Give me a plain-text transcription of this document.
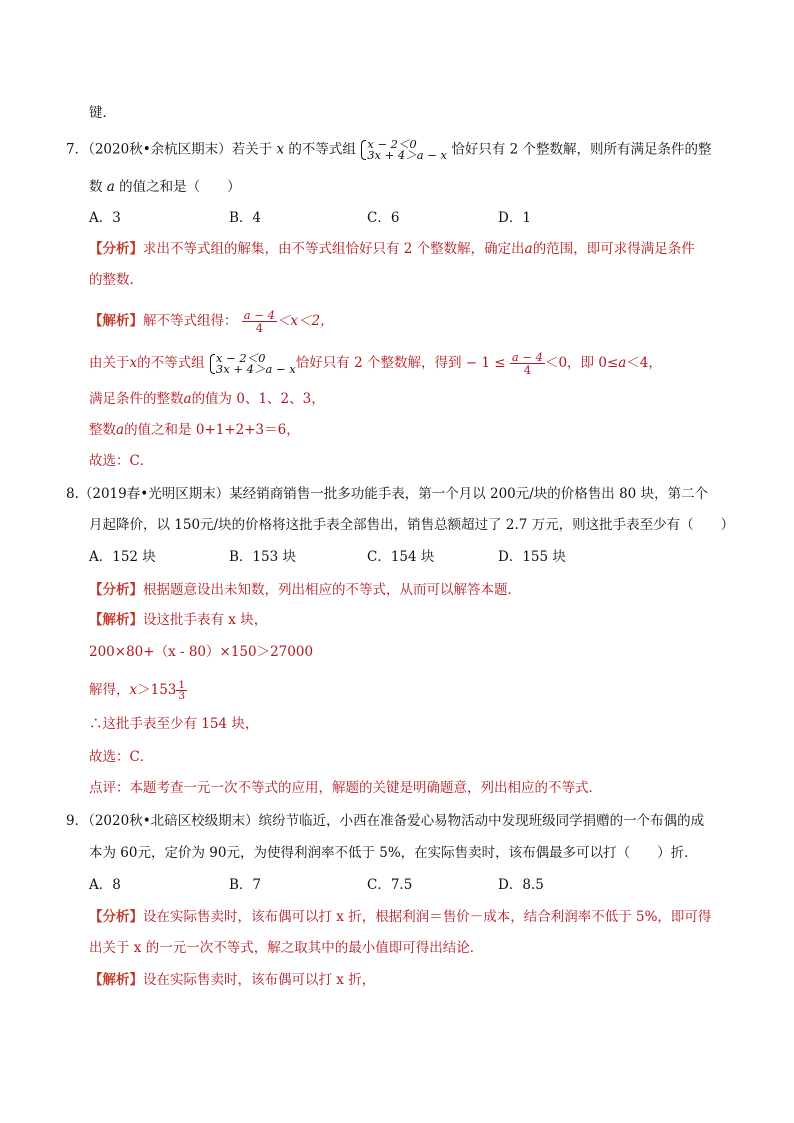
键．
7．（2020秋•余杭区期末）若关于 x 的不等式组 x − 2＜0
3x + 4＞a − x 恰好只有 2 个整数解，则所有满足条件的整
数 a 的值之和是（　　）
A．3	B．4	C．6	D．1
【分析】求出不等式组的解集，由不等式组恰好只有 2 个整数解，确定出a的范围，即可求得满足条件
的整数.
【解析】解不等式组得： $\frac{a - 4}{4} <x<2$，
由关于x的不等式组 x − 2＜0
3x + 4＞a − x 恰好只有 2 个整数解，得到 − $1 \le \frac{a - 4}{4} <0$，即 0≤a＜4，
满足条件的整数a的值为 0、1、2、3，
整数a的值之和是 0+1+2+3＝6，
故选：C．
8.（2019春•光明区期末）某经销商销售一批多功能手表，第一个月以 200元/块的价格售出 80 块，第二个
月起降价，以 150元/块的价格将这批手表全部售出，销售总额超过了 2.7 万元，则这批手表至少有（　　）
A．152 块	B．153 块	C．154 块	D．155 块
【分析】根据题意设出未知数，列出相应的不等式，从而可以解答本题．
【解析】设这批手表有 x 块，
200×80+（x - 80）×150＞27000
解得，$x>153 \frac{1}{3}$
∴这批手表至少有 154 块，
故选：C．
点评：本题考查一元一次不等式的应用，解题的关键是明确题意，列出相应的不等式．
9．（2020秋•北碚区校级期末）缤纷节临近，小西在准备爱心易物活动中发现班级同学捐赠的一个布偶的成
本为 60元，定价为 90元，为使得利润率不低于 5%，在实际售卖时，该布偶最多可以打（　　）折．
A．8	B．7	C．7.5	D．8.5
【分析】设在实际售卖时，该布偶可以打 x 折，根据利润＝售价－成本，结合利润率不低于 5%，即可得
出关于 x 的一元一次不等式，解之取其中的最小值即可得出结论．
【解析】设在实际售卖时，该布偶可以打 x 折，
